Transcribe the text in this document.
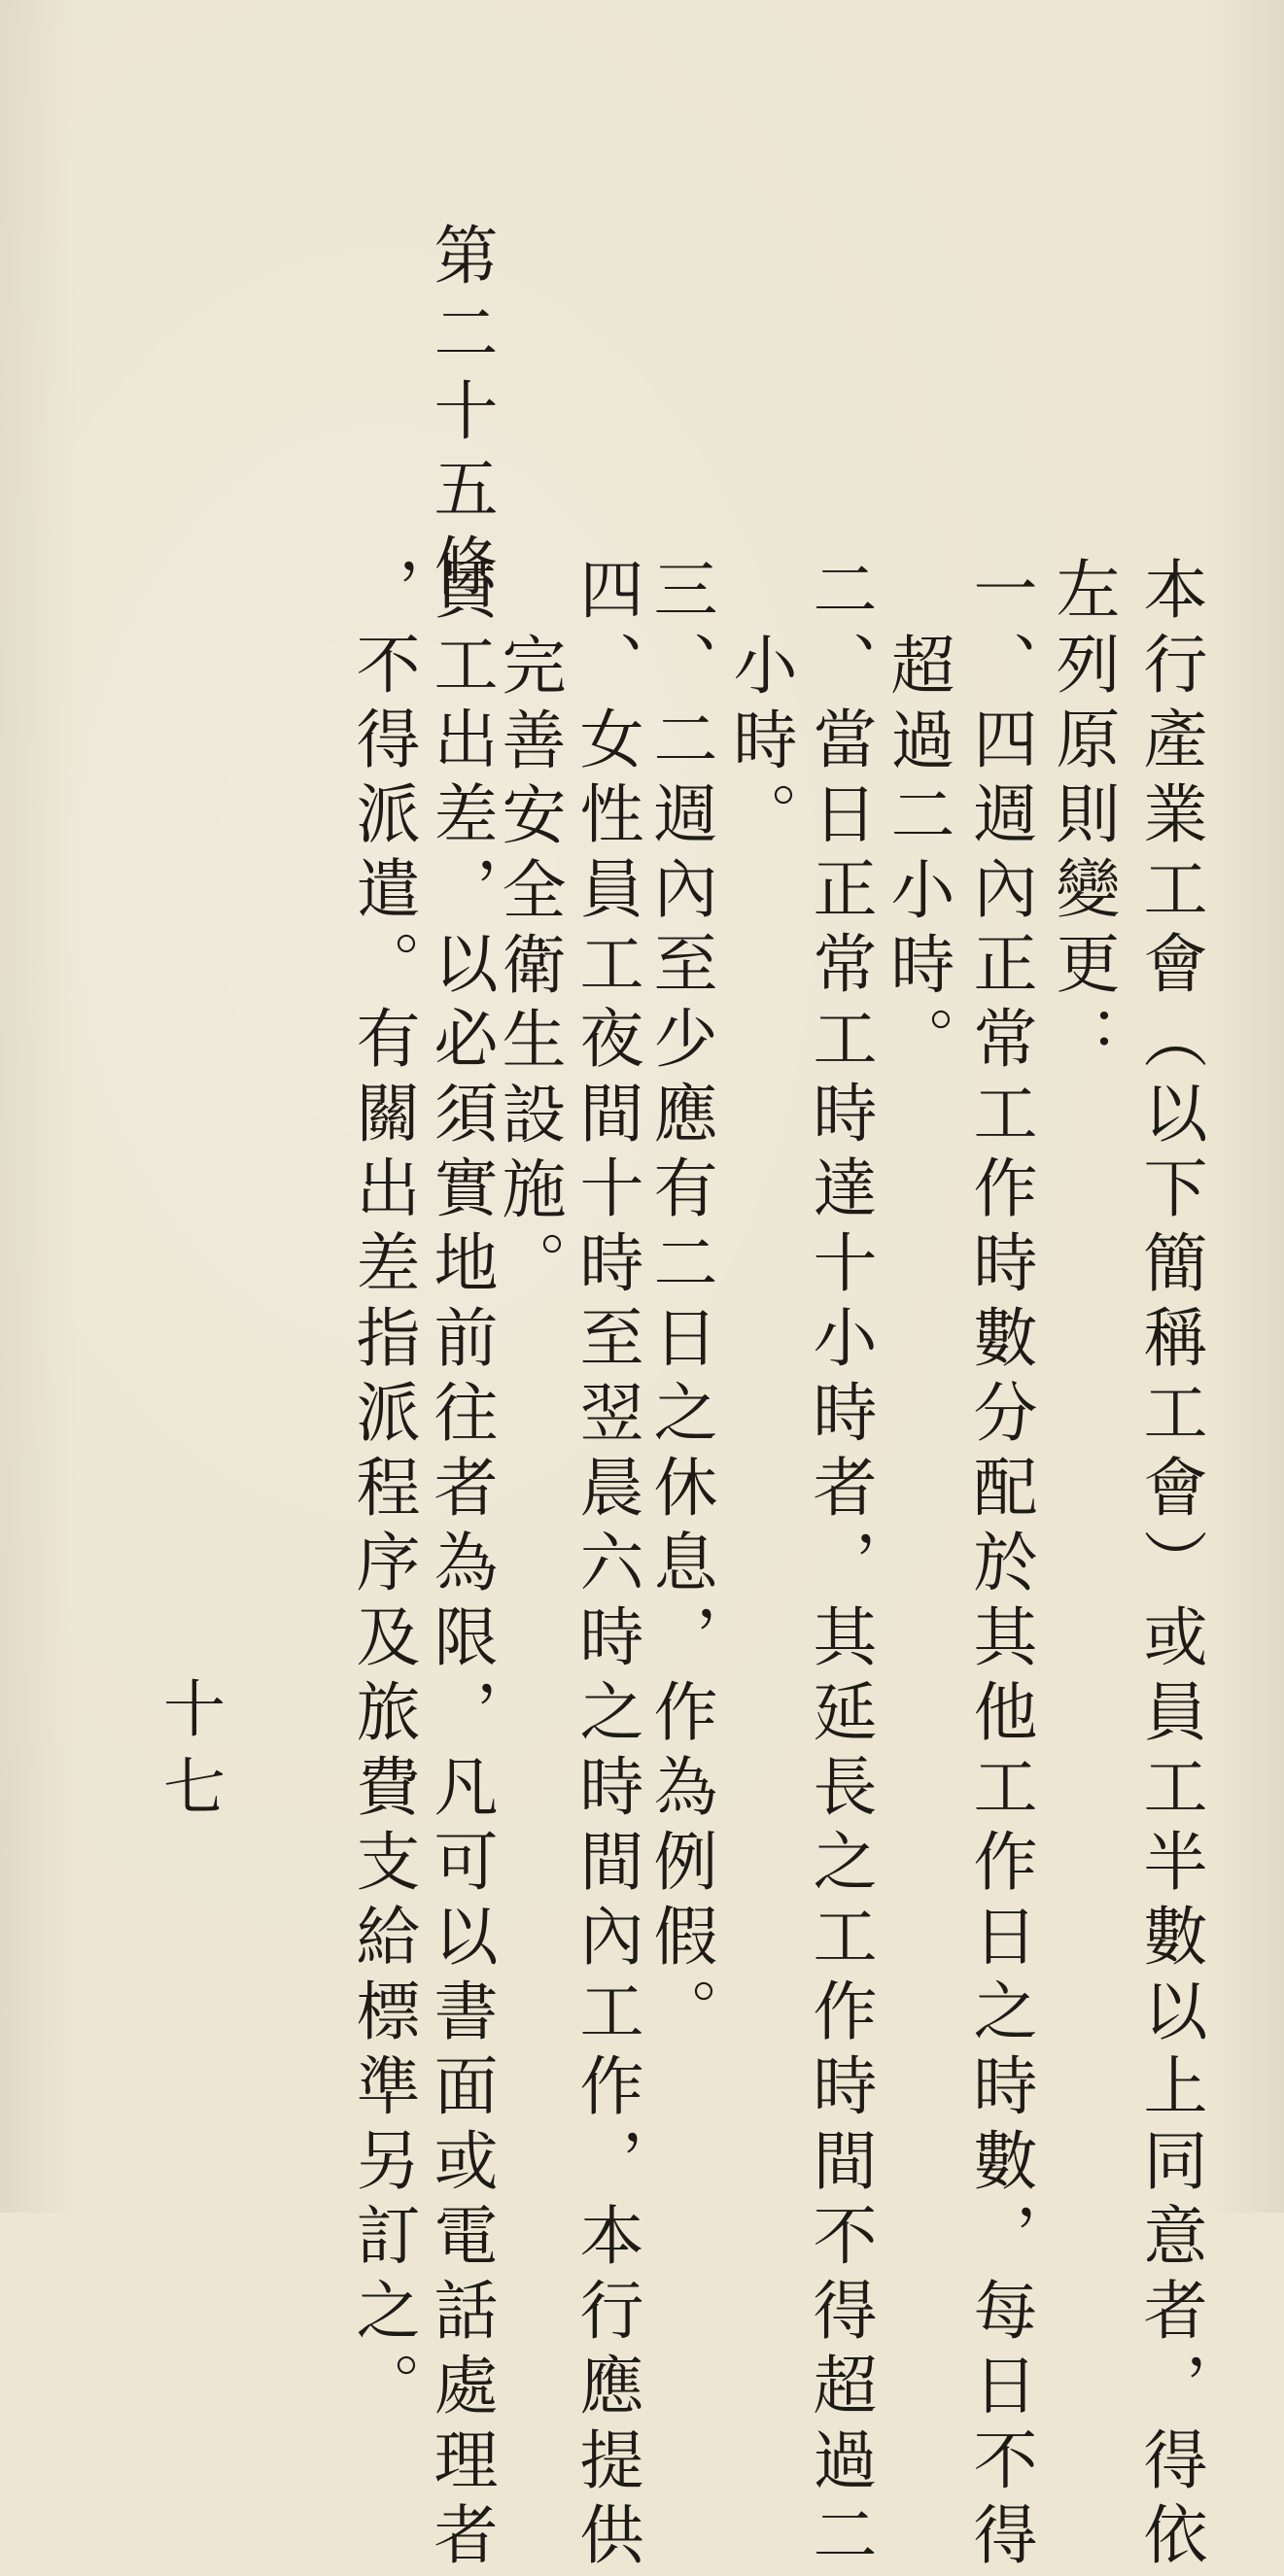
本行產業工會（以下簡稱工會）或員工半數以上同意者，得依
左列原則變更：
一、四週內正常工作時數分配於其他工作日之時數，每日不得
超過二小時。
二、當日正常工時達十小時者，其延長之工作時間不得超過二
小時。
三、二週內至少應有二日之休息，作為例假。
四、女性員工夜間十時至翌晨六時之時間內工作，本行應提供
完善安全衛生設施。
第二十五條
員工出差，以必須實地前往者為限，凡可以書面或電話處理者
，不得派遣。有關出差指派程序及旅費支給標準另訂之。
十七
